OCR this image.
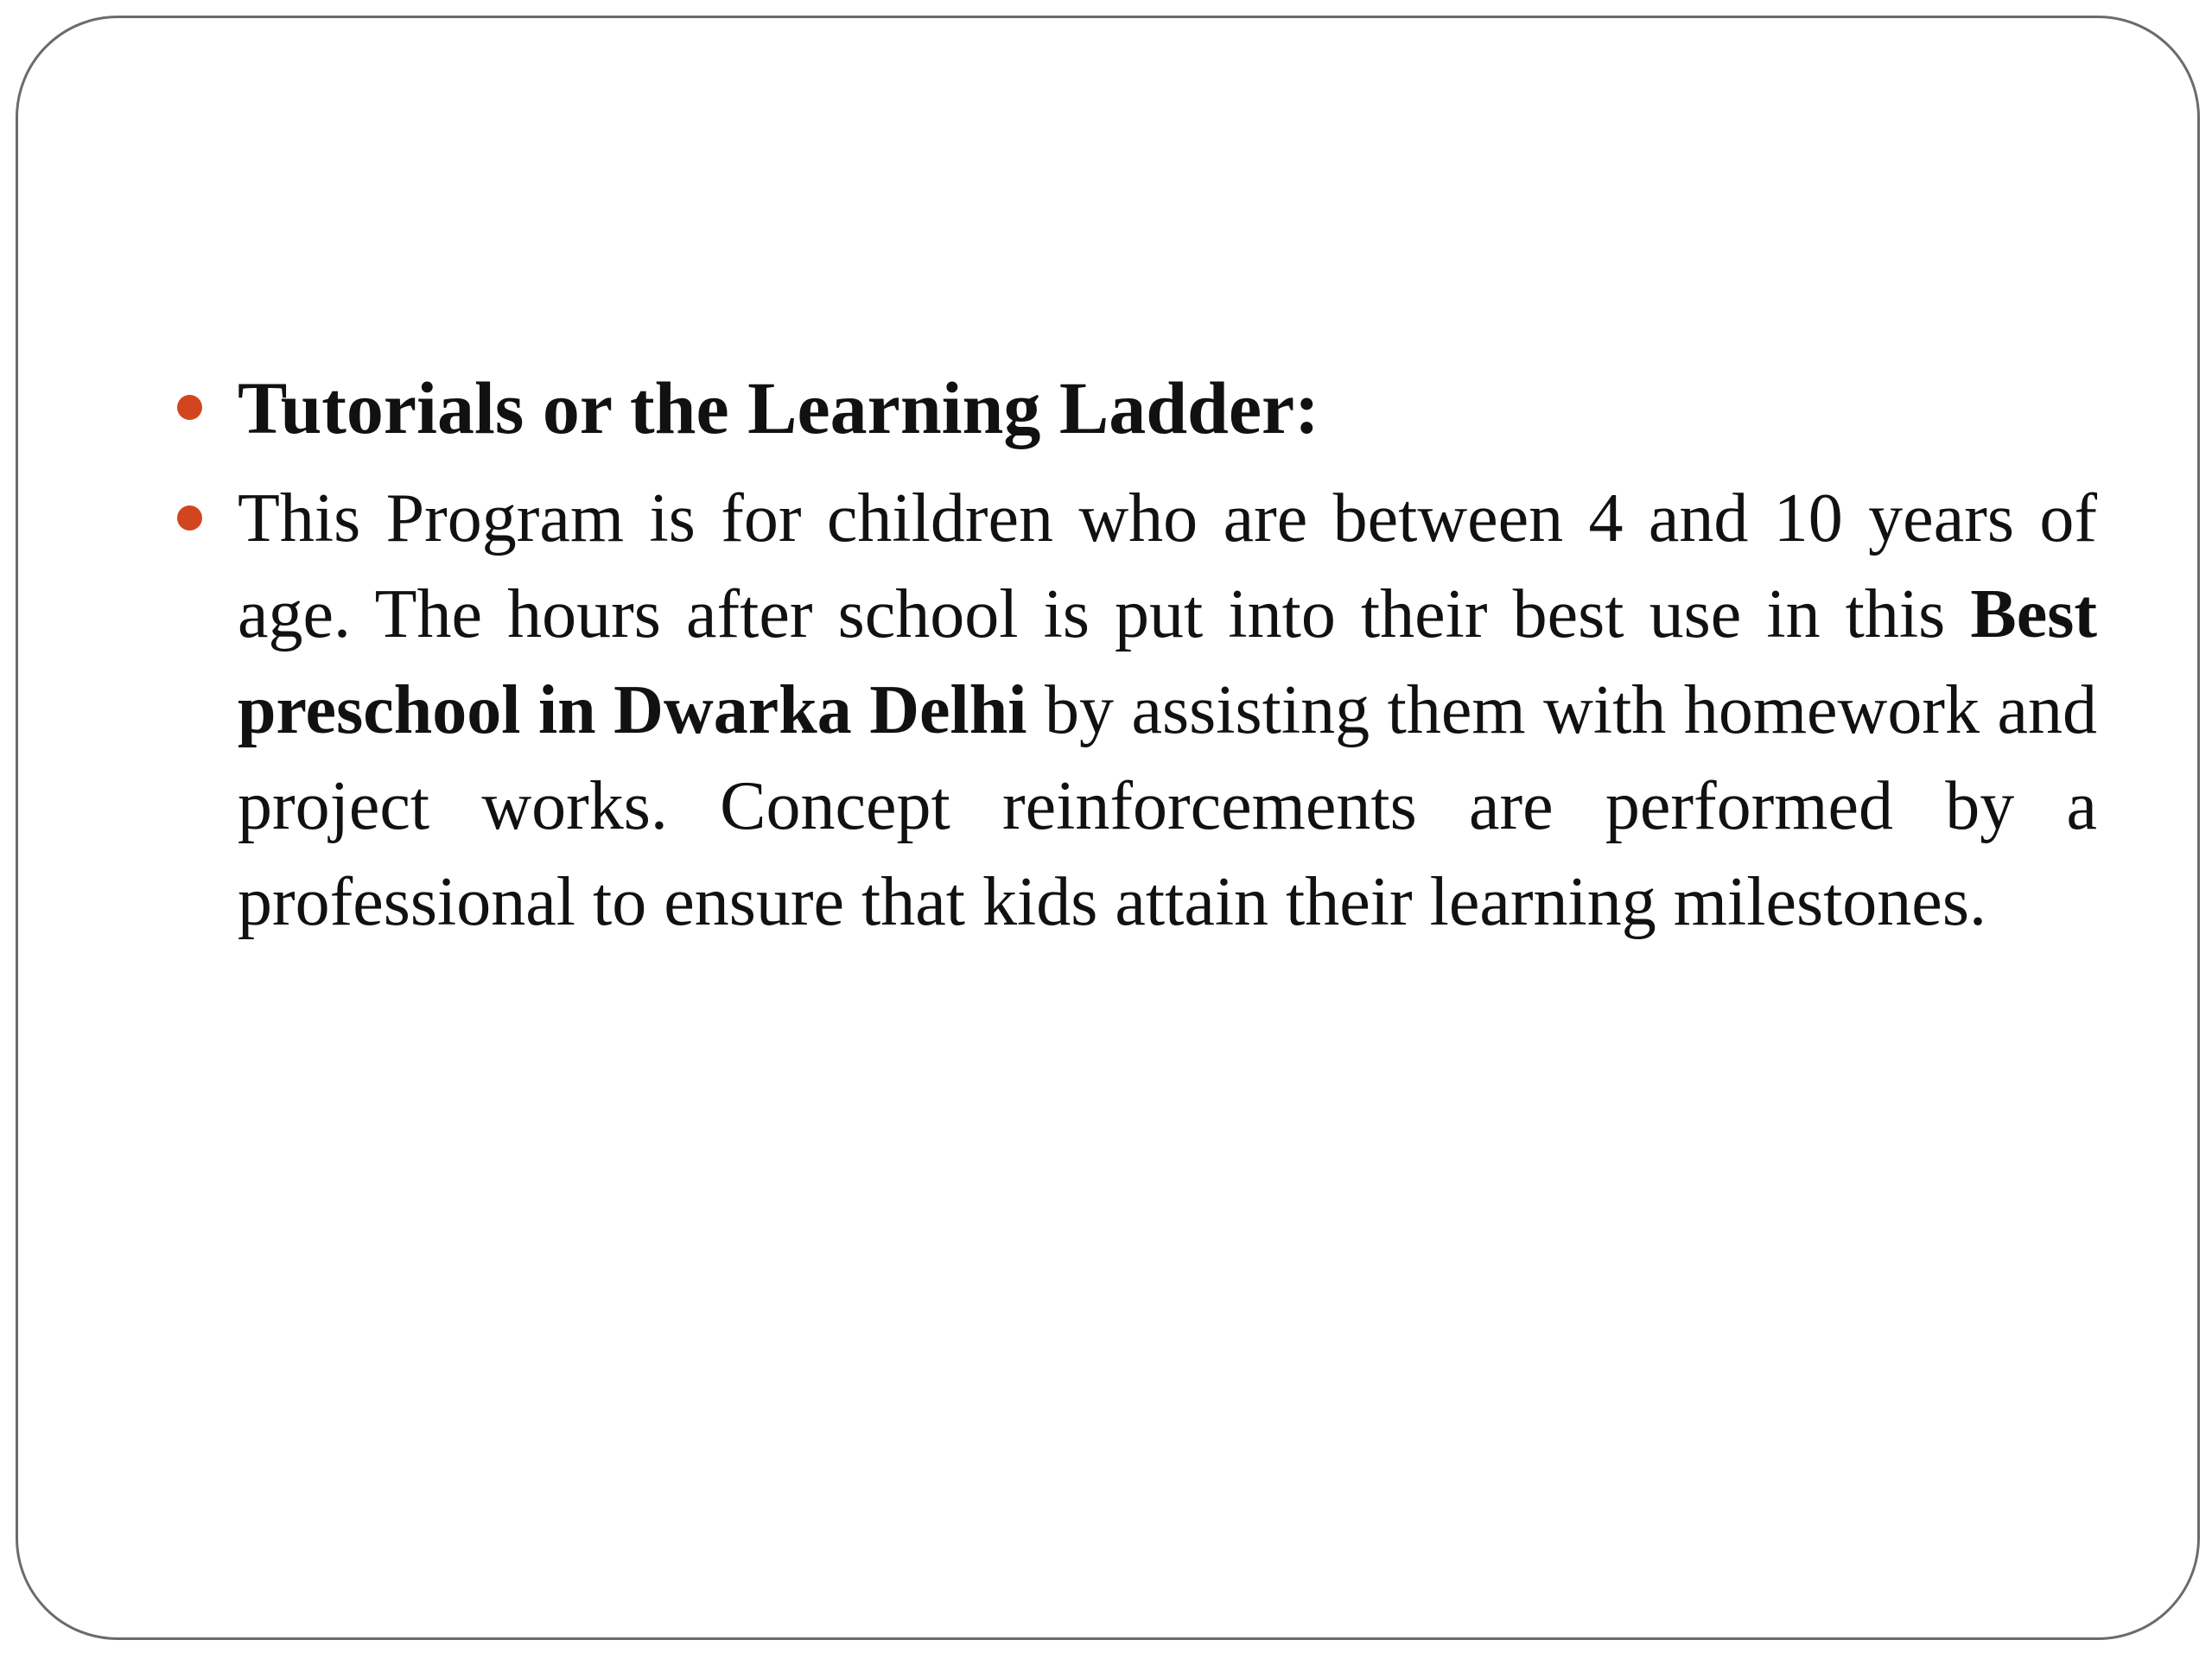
Tutorials or the Learning Ladder:
This Program is for children who are between 4 and 10 years of age. The hours after school is put into their best use in this Best preschool in Dwarka Delhi by assisting them with homework and project works. Concept reinforcements are performed by a professional to ensure that kids attain their learning milestones.
